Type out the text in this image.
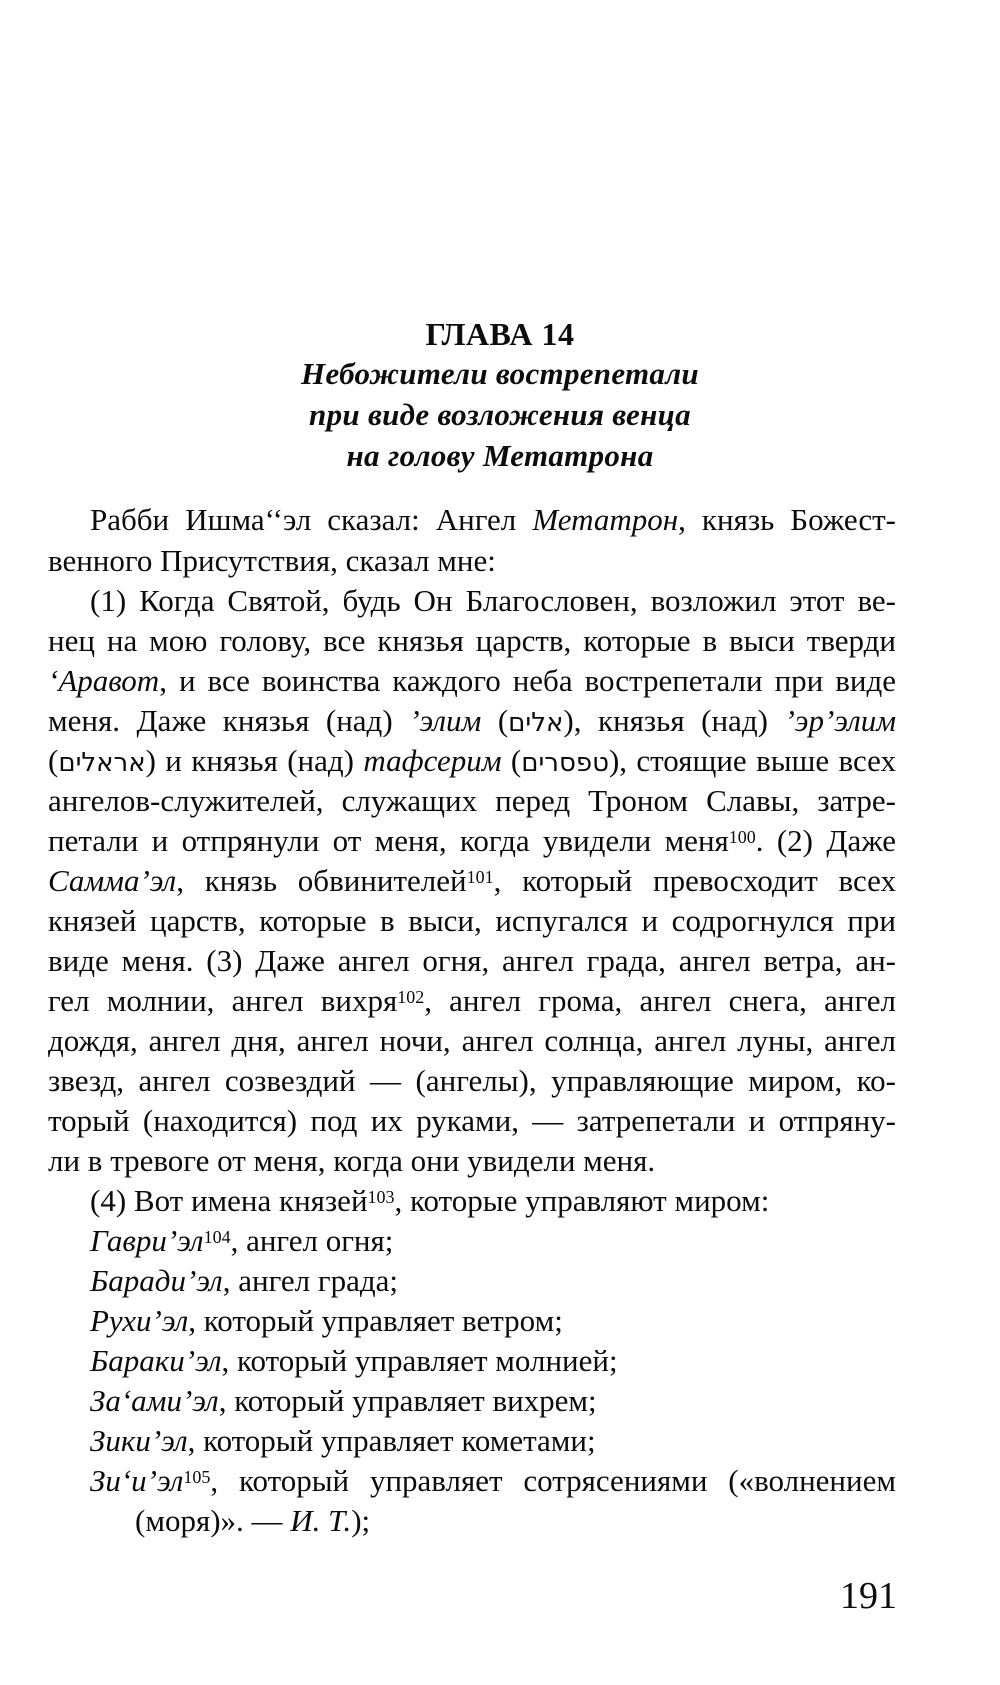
ГЛАВА 14
Небожители вострепетали
при виде возложения венца
на голову Метатрона
Рабби Ишма‘‘эл сказал: Ангел Метатрон, князь Божест-
венного Присутствия, сказал мне:
(1) Когда Святой, будь Он Благословен, возложил этот ве-
нец на мою голову, все князья царств, которые в выси тверди
‘Аравот, и все воинства каждого неба вострепетали при виде
меня. Даже князья (над) ’элим (אלים), князья (над) ’эр’элим
(אראלים) и князья (над) тафсерим (טפסרים), стоящие выше всех
ангелов-служителей, служащих перед Троном Славы, затре-
петали и отпрянули от меня, когда увидели меня$^{100}$. (2) Даже
Самма’эл, князь обвинителей$^{101}$, который превосходит всех
князей царств, которые в выси, испугался и содрогнулся при
виде меня. (3) Даже ангел огня, ангел града, ангел ветра, ан-
гел молнии, ангел вихря$^{102}$, ангел грома, ангел снега, ангел
дождя, ангел дня, ангел ночи, ангел солнца, ангел луны, ангел
звезд, ангел созвездий — (ангелы), управляющие миром, ко-
торый (находится) под их руками, — затрепетали и отпряну-
ли в тревоге от меня, когда они увидели меня.
(4) Вот имена князей$^{103}$, которые управляют миром:
$Гаври’эл^{104}$, ангел огня;
Баради’эл, ангел града;
Рухи’эл, который управляет ветром;
Бараки’эл, который управляет молнией;
За‘ами’эл, который управляет вихрем;
Зики’эл, который управляет кометами;
$Зи‘и’эл^{105}$, который управляет сотрясениями («волнением
(моря)». — И. Т.);
191
